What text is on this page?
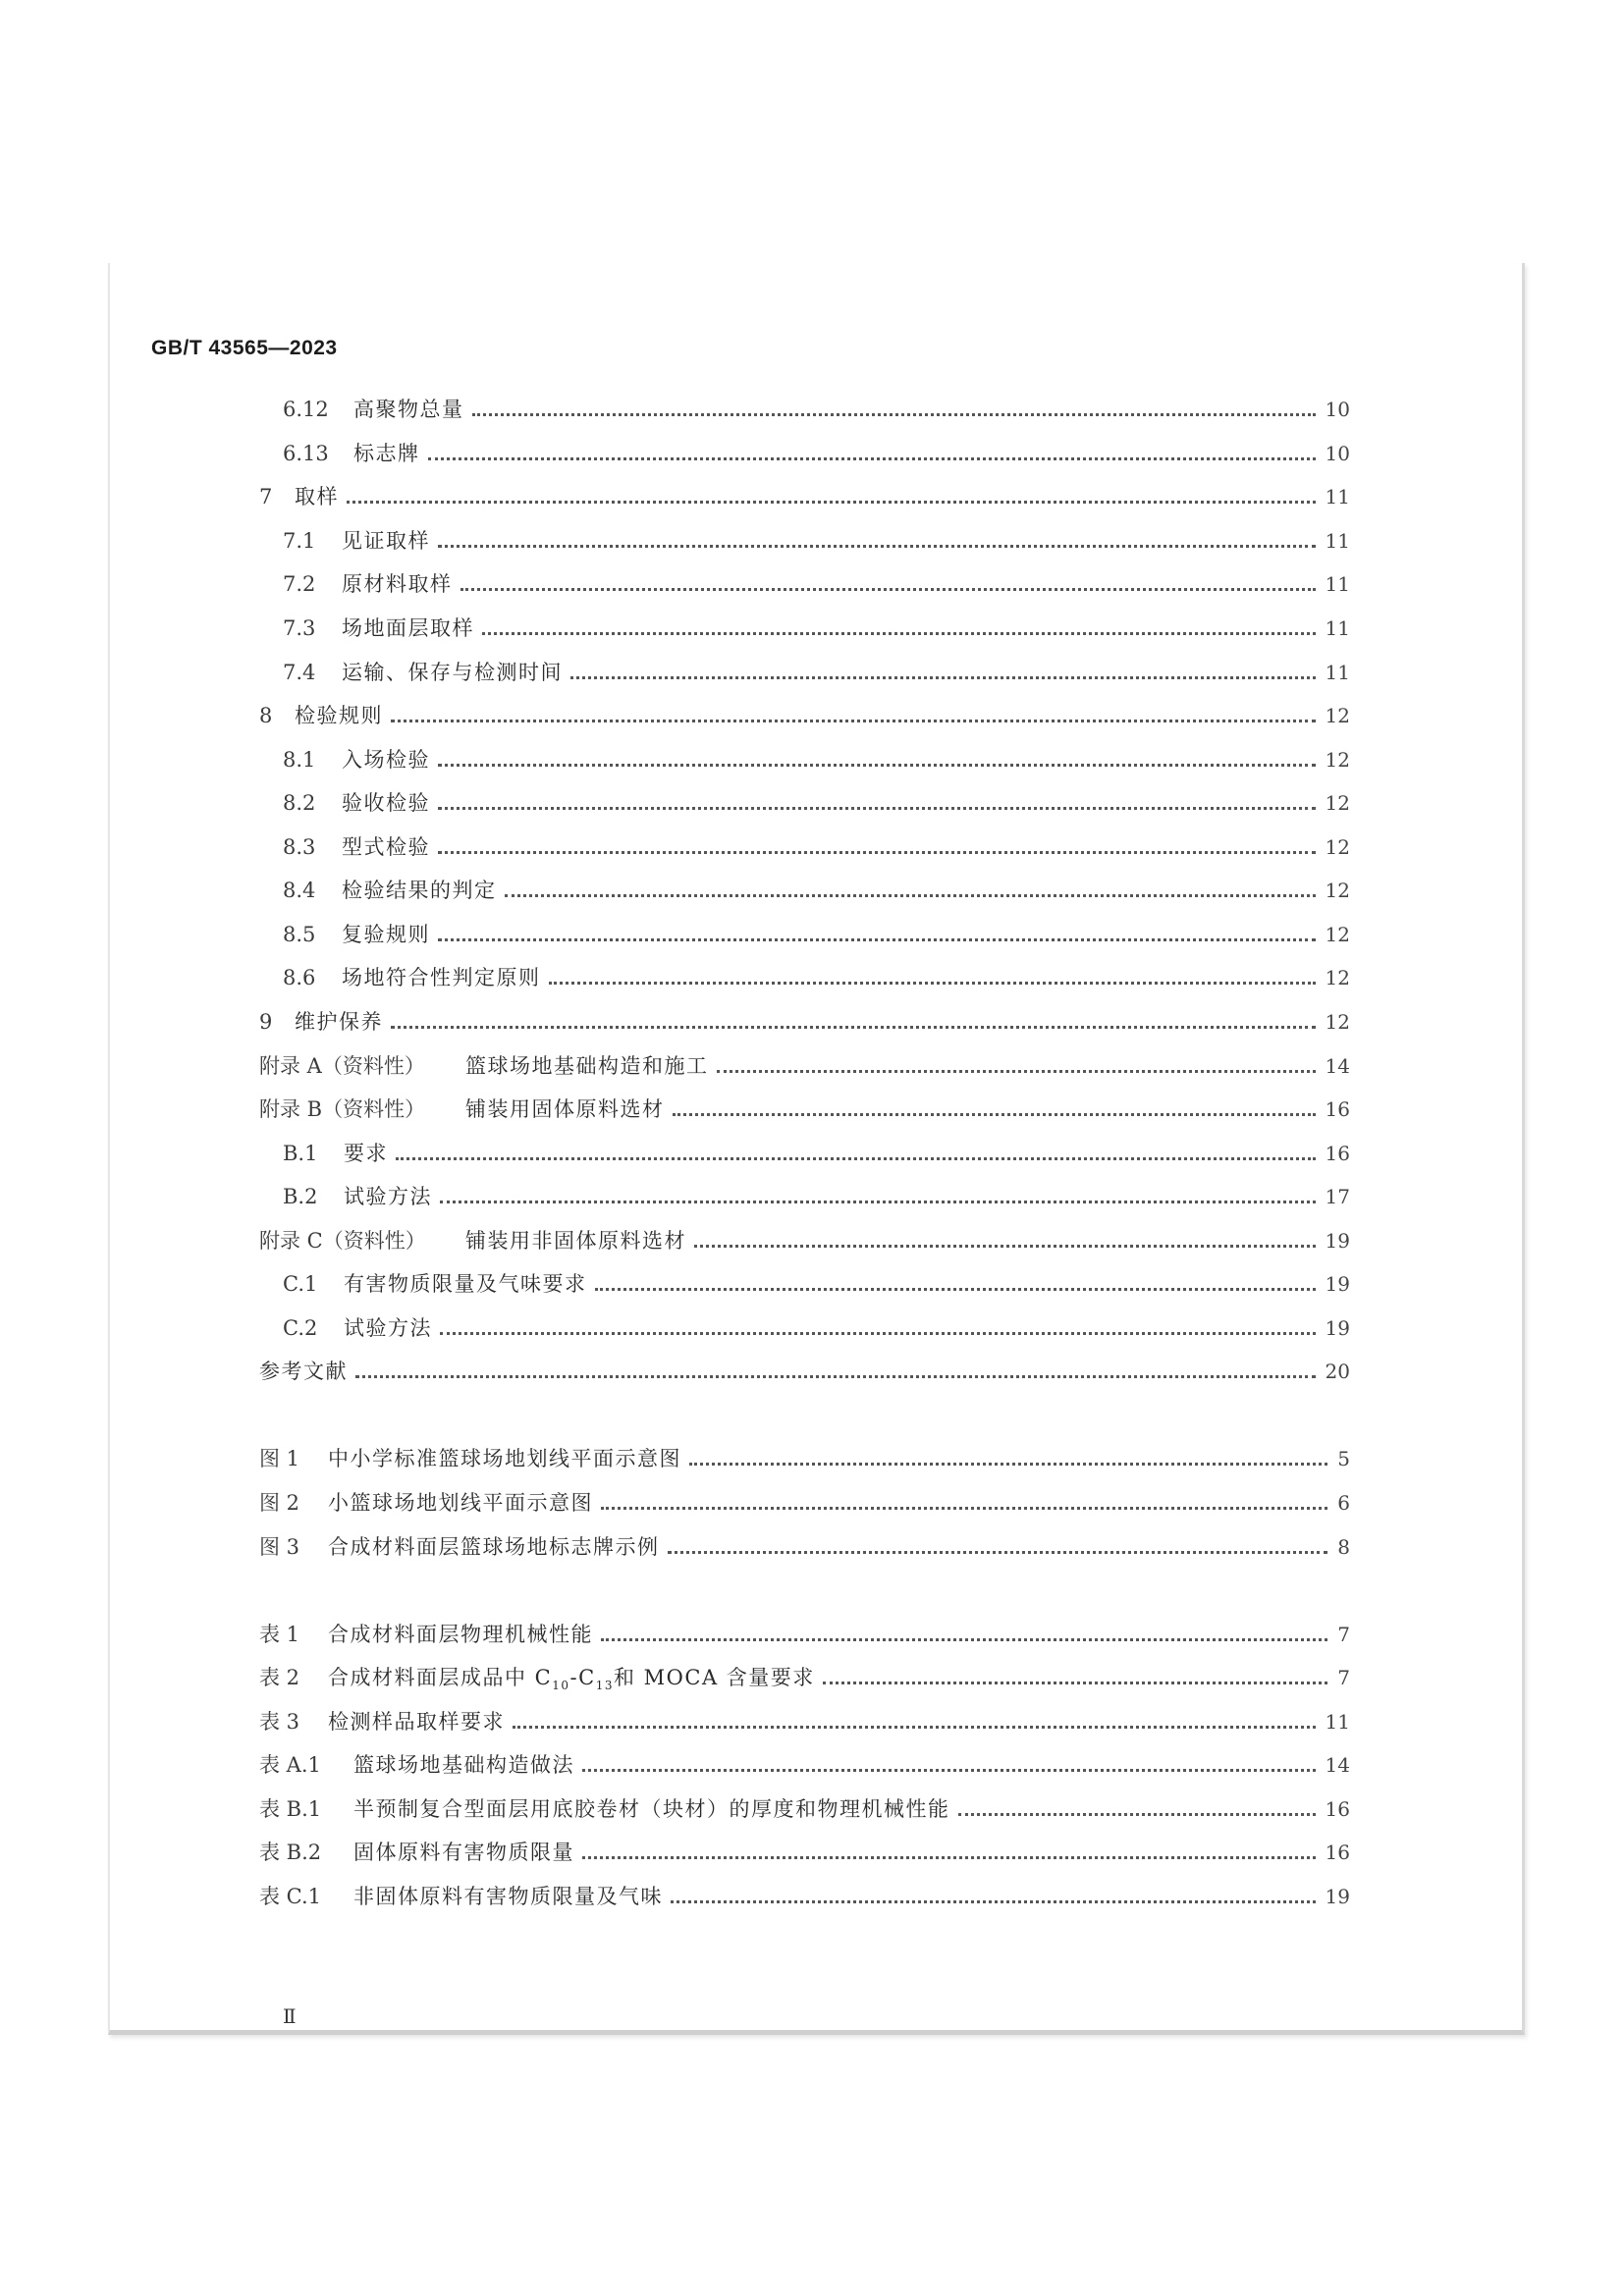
GB/T 43565—2023
6.12	高聚物总量	10
6.13	标志牌	10
7	取样	11
7.1	见证取样	11
7.2	原材料取样	11
7.3	场地面层取样	11
7.4	运输、保存与检测时间	11
8	检验规则	12
8.1	入场检验	12
8.2	验收检验	12
8.3	型式检验	12
8.4	检验结果的判定	12
8.5	复验规则	12
8.6	场地符合性判定原则	12
9	维护保养	12
附录 A（资料性）	篮球场地基础构造和施工	14
附录 B（资料性）	铺装用固体原料选材	16
B.1	要求	16
B.2	试验方法	17
附录 C（资料性）	铺装用非固体原料选材	19
C.1	有害物质限量及气味要求	19
C.2	试验方法	19
参考文献	20
图 1	中小学标准篮球场地划线平面示意图	5
图 2	小篮球场地划线平面示意图	6
图 3	合成材料面层篮球场地标志牌示例	8
表 1	合成材料面层物理机械性能	7
表 2	合成材料面层成品中 $C_{10}-C_{13}$和 MOCA 含量要求	7
表 3	检测样品取样要求	11
表 A.1	篮球场地基础构造做法	14
表 B.1	半预制复合型面层用底胶卷材（块材）的厚度和物理机械性能	16
表 B.2	固体原料有害物质限量	16
表 C.1	非固体原料有害物质限量及气味	19
Ⅱ
